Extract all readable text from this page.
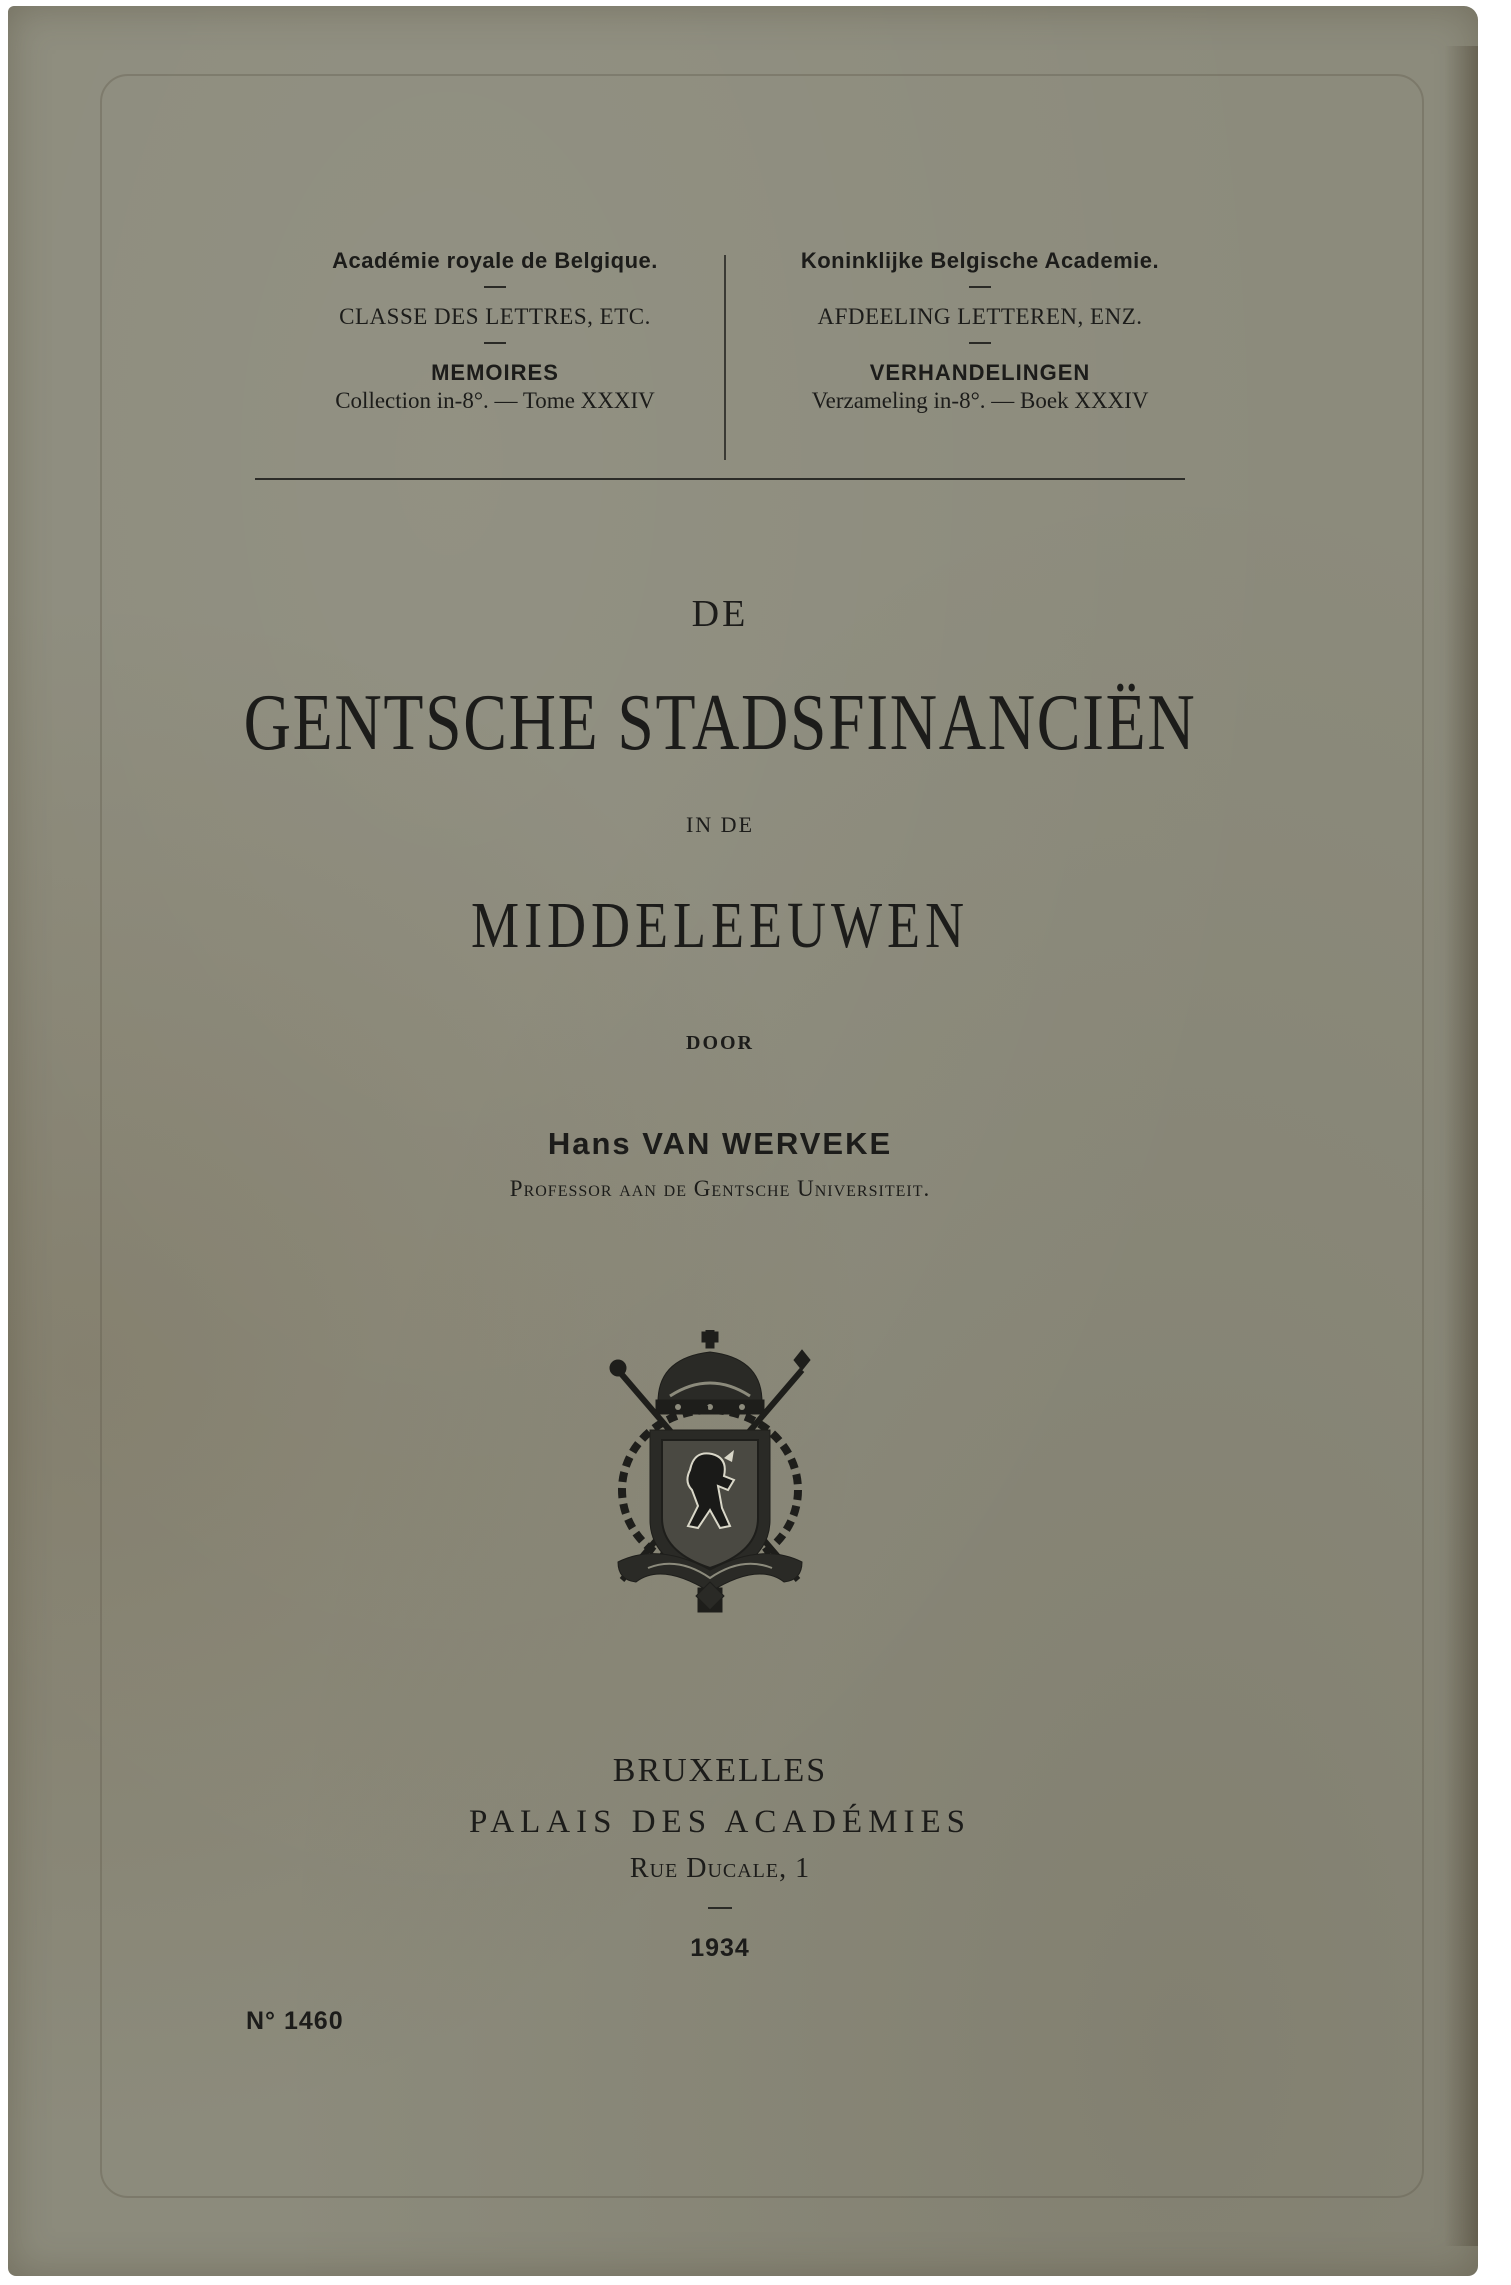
Académie royale de Belgique.
CLASSE DES LETTRES, ETC.
MEMOIRES
Collection in-8°. — Tome XXXIV
Koninklijke Belgische Academie.
AFDEELING LETTEREN, ENZ.
VERHANDELINGEN
Verzameling in-8°. — Boek XXXIV

DE

GENTSCHE STADSFINANCIËN

IN DE

MIDDELEEUWEN

DOOR

Hans VAN WERVEKE

Professor aan de Gentsche Universiteit.

BRUXELLES

PALAIS DES ACADÉMIES

Rue Ducale, 1

1934

N° 1460
